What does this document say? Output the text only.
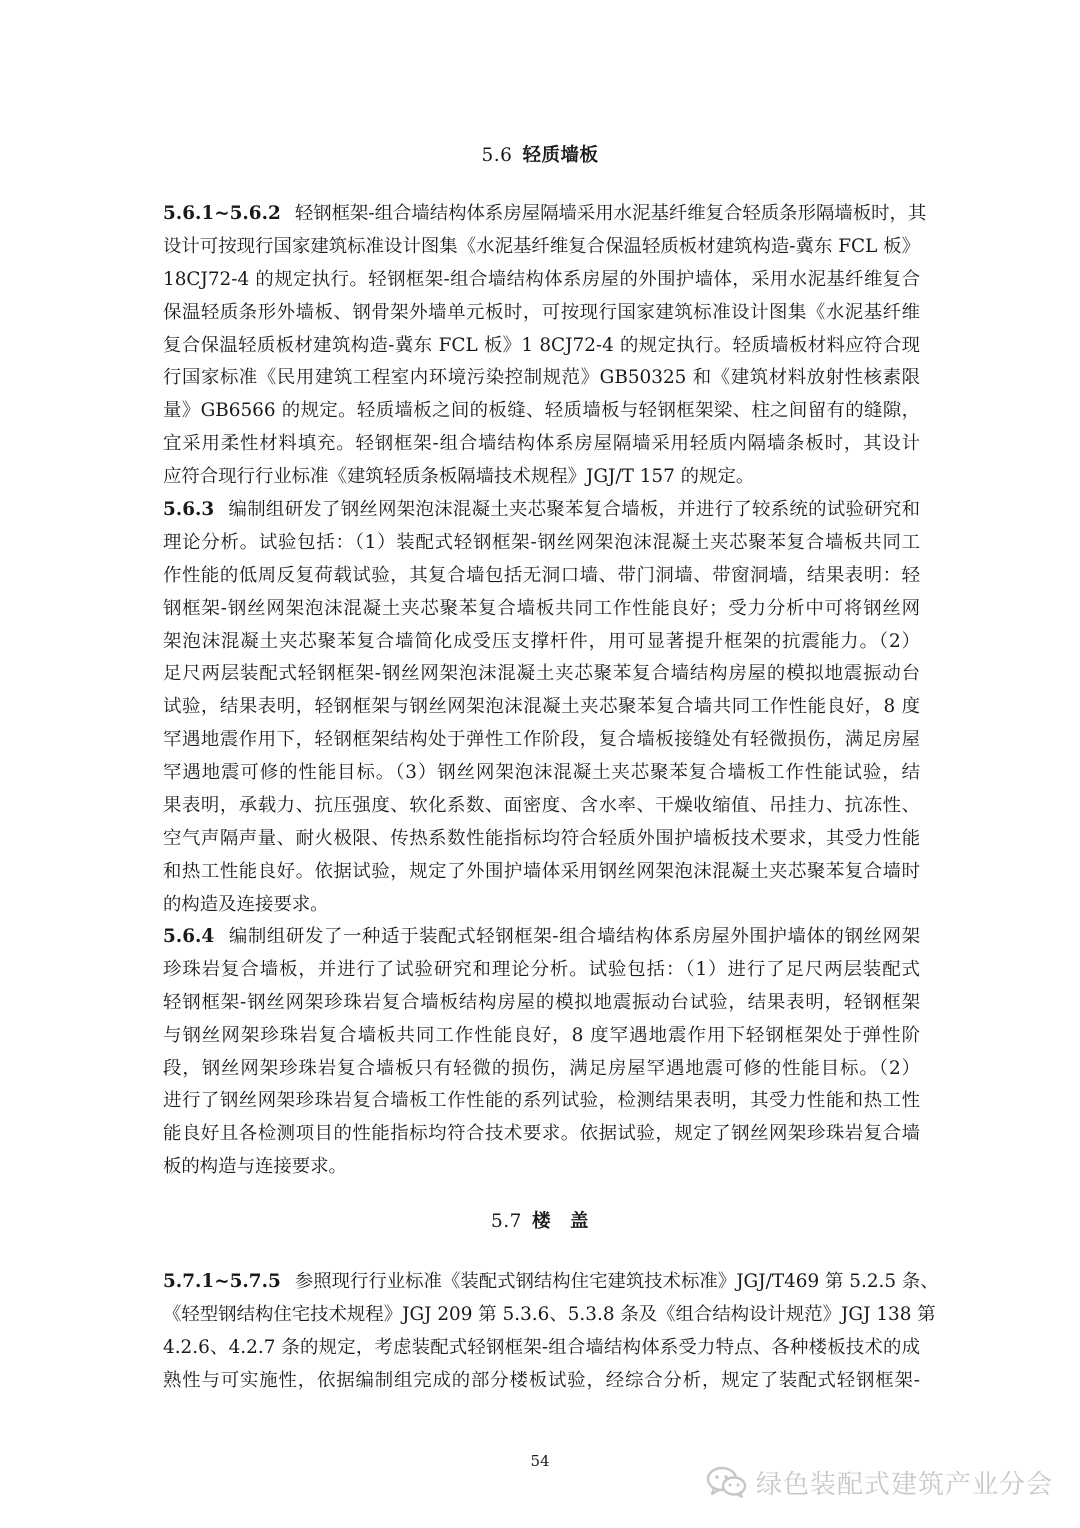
5.6 轻质墙板
5.6.1~5.6.2 轻钢框架-组合墙结构体系房屋隔墙采用水泥基纤维复合轻质条形隔墙板时，其
设计可按现行国家建筑标准设计图集《水泥基纤维复合保温轻质板材建筑构造-冀东 FCL 板》
18CJ72-4 的规定执行。轻钢框架-组合墙结构体系房屋的外围护墙体，采用水泥基纤维复合
保温轻质条形外墙板、钢骨架外墙单元板时，可按现行国家建筑标准设计图集《水泥基纤维
复合保温轻质板材建筑构造-冀东 FCL 板》1 8CJ72-4 的规定执行。轻质墙板材料应符合现
行国家标准《民用建筑工程室内环境污染控制规范》GB50325 和《建筑材料放射性核素限
量》GB6566 的规定。轻质墙板之间的板缝、轻质墙板与轻钢框架梁、柱之间留有的缝隙，
宜采用柔性材料填充。轻钢框架-组合墙结构体系房屋隔墙采用轻质内隔墙条板时，其设计
应符合现行行业标准《建筑轻质条板隔墙技术规程》JGJ/T 157 的规定。
5.6.3 编制组研发了钢丝网架泡沫混凝土夹芯聚苯复合墙板，并进行了较系统的试验研究和
理论分析。试验包括：（1）装配式轻钢框架-钢丝网架泡沫混凝土夹芯聚苯复合墙板共同工
作性能的低周反复荷载试验，其复合墙包括无洞口墙、带门洞墙、带窗洞墙，结果表明：轻
钢框架-钢丝网架泡沫混凝土夹芯聚苯复合墙板共同工作性能良好；受力分析中可将钢丝网
架泡沫混凝土夹芯聚苯复合墙简化成受压支撑杆件，用可显著提升框架的抗震能力。（2）
足尺两层装配式轻钢框架-钢丝网架泡沫混凝土夹芯聚苯复合墙结构房屋的模拟地震振动台
试验，结果表明，轻钢框架与钢丝网架泡沫混凝土夹芯聚苯复合墙共同工作性能良好，8 度
罕遇地震作用下，轻钢框架结构处于弹性工作阶段，复合墙板接缝处有轻微损伤，满足房屋
罕遇地震可修的性能目标。（3）钢丝网架泡沫混凝土夹芯聚苯复合墙板工作性能试验，结
果表明，承载力、抗压强度、软化系数、面密度、含水率、干燥收缩值、吊挂力、抗冻性、
空气声隔声量、耐火极限、传热系数性能指标均符合轻质外围护墙板技术要求，其受力性能
和热工性能良好。依据试验，规定了外围护墙体采用钢丝网架泡沫混凝土夹芯聚苯复合墙时
的构造及连接要求。
5.6.4 编制组研发了一种适于装配式轻钢框架-组合墙结构体系房屋外围护墙体的钢丝网架
珍珠岩复合墙板，并进行了试验研究和理论分析。试验包括：（1）进行了足尺两层装配式
轻钢框架-钢丝网架珍珠岩复合墙板结构房屋的模拟地震振动台试验，结果表明，轻钢框架
与钢丝网架珍珠岩复合墙板共同工作性能良好，8 度罕遇地震作用下轻钢框架处于弹性阶
段，钢丝网架珍珠岩复合墙板只有轻微的损伤，满足房屋罕遇地震可修的性能目标。（2）
进行了钢丝网架珍珠岩复合墙板工作性能的系列试验，检测结果表明，其受力性能和热工性
能良好且各检测项目的性能指标均符合技术要求。依据试验，规定了钢丝网架珍珠岩复合墙
板的构造与连接要求。
5.7 楼　盖
5.7.1~5.7.5 参照现行行业标准《装配式钢结构住宅建筑技术标准》JGJ/T469 第 5.2.5 条、
《轻型钢结构住宅技术规程》JGJ 209 第 5.3.6、5.3.8 条及《组合结构设计规范》JGJ 138 第
4.2.6、4.2.7 条的规定，考虑装配式轻钢框架-组合墙结构体系受力特点、各种楼板技术的成
熟性与可实施性，依据编制组完成的部分楼板试验，经综合分析，规定了装配式轻钢框架-
54
绿色装配式建筑产业分会
